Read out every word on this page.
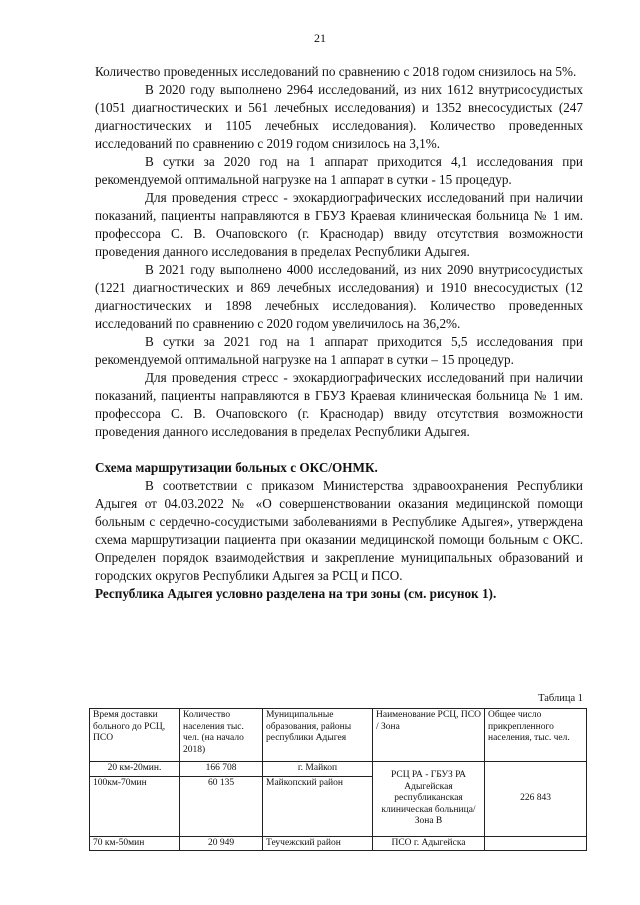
21

Количество проведенных исследований по сравнению с 2018 годом снизилось на 5%.

В 2020 году выполнено 2964 исследований, из них 1612 внутрисосудистых (1051 диагностических и 561 лечебных исследования) и 1352 внесосудистых (247 диагностических и 1105 лечебных исследования). Количество проведенных исследований по сравнению с 2019 годом снизилось на 3,1%.

В сутки за 2020 год на 1 аппарат приходится 4,1 исследования при рекомендуемой оптимальной нагрузке на 1 аппарат в сутки - 15 процедур.

Для проведения стресс - эхокардиографических исследований при наличии показаний, пациенты направляются в ГБУЗ Краевая клиническая больница № 1 им. профессора С. В. Очаповского (г. Краснодар) ввиду отсутствия возможности проведения данного исследования в пределах Республики Адыгея.

В 2021 году выполнено 4000 исследований, из них 2090 внутрисосудистых (1221 диагностических и 869 лечебных исследования) и 1910 внесосудистых (12 диагностических и 1898 лечебных исследования). Количество проведенных исследований по сравнению с 2020 годом увеличилось на 36,2%.

В сутки за 2021 год на 1 аппарат приходится 5,5 исследования при рекомендуемой оптимальной нагрузке на 1 аппарат в сутки – 15 процедур.

Для проведения стресс - эхокардиографических исследований при наличии показаний, пациенты направляются в ГБУЗ Краевая клиническая больница № 1 им. профессора С. В. Очаповского (г. Краснодар) ввиду отсутствия возможности проведения данного исследования в пределах Республики Адыгея.

Схема маршрутизации больных с ОКС/ОНМК.

В соответствии с приказом Министерства здравоохранения Республики Адыгея от 04.03.2022 № «О совершенствовании оказания медицинской помощи больным с сердечно-сосудистыми заболеваниями в Республике Адыгея», утверждена схема маршрутизации пациента при оказании медицинской помощи больным с ОКС. Определен порядок взаимодействия и закрепление муниципальных образований и городских округов Республики Адыгея за РСЦ и ПСО.

Республика Адыгея условно разделена на три зоны (см. рисунок 1).

Таблица 1
Время доставки больного до РСЦ, ПСО	Количество населения тыс. чел. (на начало 2018)	Муниципальные образования, районы республики Адыгея	Наименование РСЦ, ПСО / Зона	Общее число прикрепленного населения, тыс. чел.
20 км-20мин.	166 708	г. Майкоп	РСЦ РА - ГБУЗ РА Адыгейская республиканская клиническая больница/ Зона В	226 843
100км-70мин	60 135	Майкопский район		
70 км-50мин	20 949	Теучежский район	ПСО г. Адыгейска	
